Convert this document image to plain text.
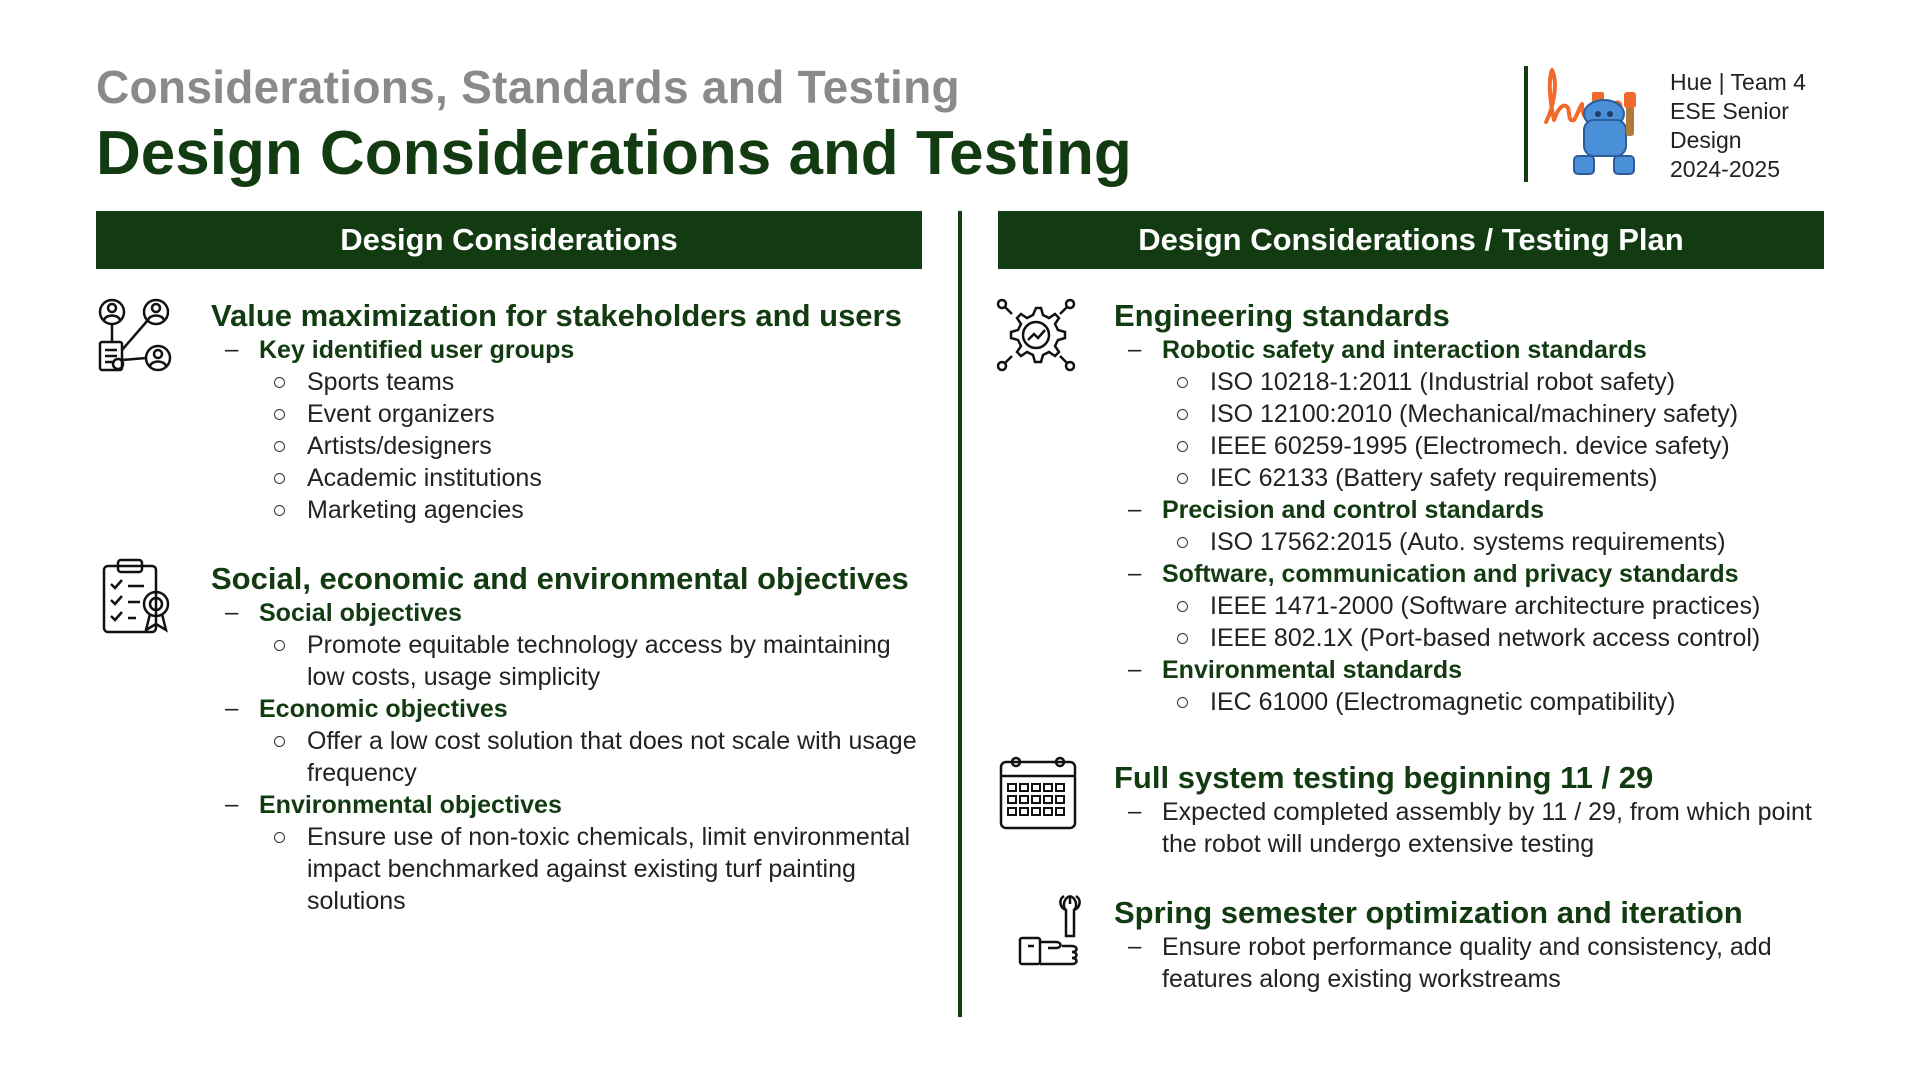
Considerations, Standards and Testing
Design Considerations and Testing
Hue | Team 4
ESE Senior
Design
2024-2025
Design Considerations	Design Considerations / Testing Plan
Value maximization for stakeholders and users
– Key identified user groups
Sports teams
Event organizers
Artists/designers
Academic institutions
Marketing agencies
Social, economic and environmental objectives
– Social objectives
Promote equitable technology access by maintaining low costs, usage simplicity
– Economic objectives
Offer a low cost solution that does not scale with usage frequency
– Environmental objectives
Ensure use of non-toxic chemicals, limit environmental impact benchmarked against existing turf painting solutions
Engineering standards
– Robotic safety and interaction standards
ISO 10218-1:2011 (Industrial robot safety)
ISO 12100:2010 (Mechanical/machinery safety)
IEEE 60259-1995 (Electromech. device safety)
IEC 62133 (Battery safety requirements)
– Precision and control standards
ISO 17562:2015 (Auto. systems requirements)
– Software, communication and privacy standards
IEEE 1471-2000 (Software architecture practices)
IEEE 802.1X (Port-based network access control)
– Environmental standards
IEC 61000 (Electromagnetic compatibility)
Full system testing beginning 11 / 29
– Expected completed assembly by 11 / 29, from which point the robot will undergo extensive testing
Spring semester optimization and iteration
– Ensure robot performance quality and consistency, add features along existing workstreams
